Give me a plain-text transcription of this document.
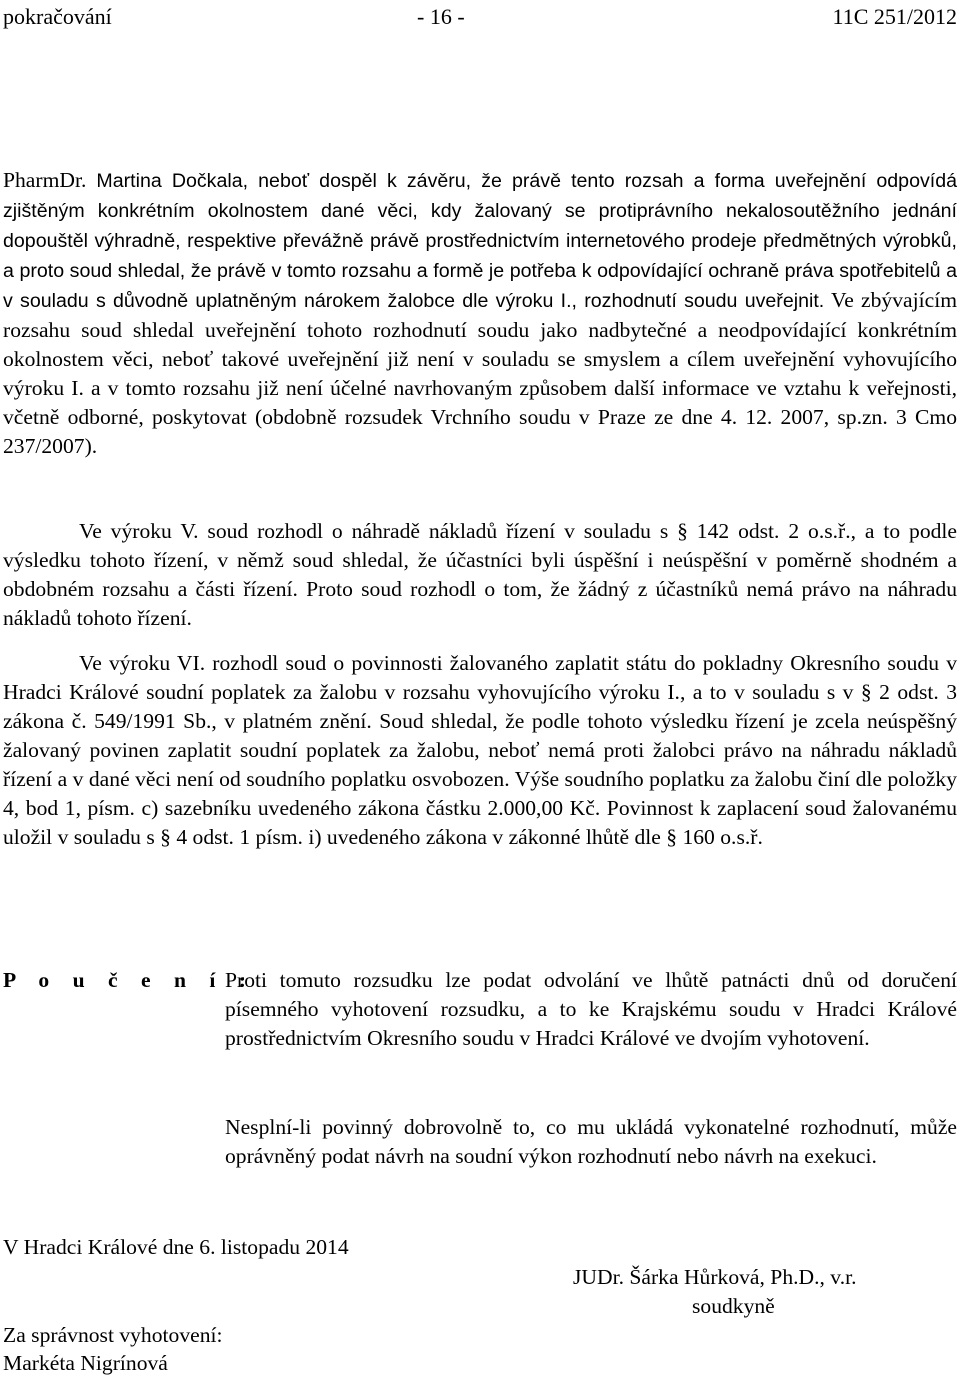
pokračování	- 16 -	11C 251/2012
PharmDr. Martina Dočkala, neboť dospěl k závěru, že právě tento rozsah a forma uveřejnění odpovídá zjištěným konkrétním okolnostem dané věci, kdy žalovaný se protiprávního nekalosoutěžního jednání dopouštěl výhradně, respektive převážně právě prostřednictvím internetového prodeje předmětných výrobků, a proto soud shledal, že právě v tomto rozsahu a formě je potřeba k odpovídající ochraně práva spotřebitelů a v souladu s důvodně uplatněným nárokem žalobce dle výroku I., rozhodnutí soudu uveřejnit. Ve zbývajícím rozsahu soud shledal uveřejnění tohoto rozhodnutí soudu jako nadbytečné a neodpovídající konkrétním okolnostem věci, neboť takové uveřejnění již není v souladu se smyslem a cílem uveřejnění vyhovujícího výroku I. a v tomto rozsahu již není účelné navrhovaným způsobem další informace ve vztahu k veřejnosti, včetně odborné, poskytovat (obdobně rozsudek Vrchního soudu v Praze ze dne 4. 12. 2007, sp.zn. 3 Cmo 237/2007).
Ve výroku V. soud rozhodl o náhradě nákladů řízení v souladu s § 142 odst. 2 o.s.ř., a to podle výsledku tohoto řízení, v němž soud shledal, že účastníci byli úspěšní i neúspěšní v poměrně shodném a obdobném rozsahu a části řízení. Proto soud rozhodl o tom, že žádný z účastníků nemá právo na náhradu nákladů tohoto řízení.
Ve výroku VI. rozhodl soud o povinnosti žalovaného zaplatit státu do pokladny Okresního soudu v Hradci Králové soudní poplatek za žalobu v rozsahu vyhovujícího výroku I., a to v souladu s v § 2 odst. 3 zákona č. 549/1991 Sb., v platném znění. Soud shledal, že podle tohoto výsledku řízení je zcela neúspěšný žalovaný povinen zaplatit soudní poplatek za žalobu, neboť nemá proti žalobci právo na náhradu nákladů řízení a v dané věci není od soudního poplatku osvobozen. Výše soudního poplatku za žalobu činí dle položky 4, bod 1, písm. c) sazebníku uvedeného zákona částku 2.000,00 Kč. Povinnost k zaplacení soud žalovanému uložil v souladu s § 4 odst. 1 písm. i) uvedeného zákona v zákonné lhůtě dle § 160 o.s.ř.
P o u č e n í :
Proti tomuto rozsudku lze podat odvolání ve lhůtě patnácti dnů od doručení písemného vyhotovení rozsudku, a to ke Krajskému soudu v Hradci Králové prostřednictvím Okresního soudu v Hradci Králové ve dvojím vyhotovení.
Nesplní-li povinný dobrovolně to, co mu ukládá vykonatelné rozhodnutí, může oprávněný podat návrh na soudní výkon rozhodnutí nebo návrh na exekuci.
V Hradci Králové dne 6. listopadu 2014
JUDr. Šárka Hůrková, Ph.D., v.r.
soudkyně
Za správnost vyhotovení:
Markéta Nigrínová
